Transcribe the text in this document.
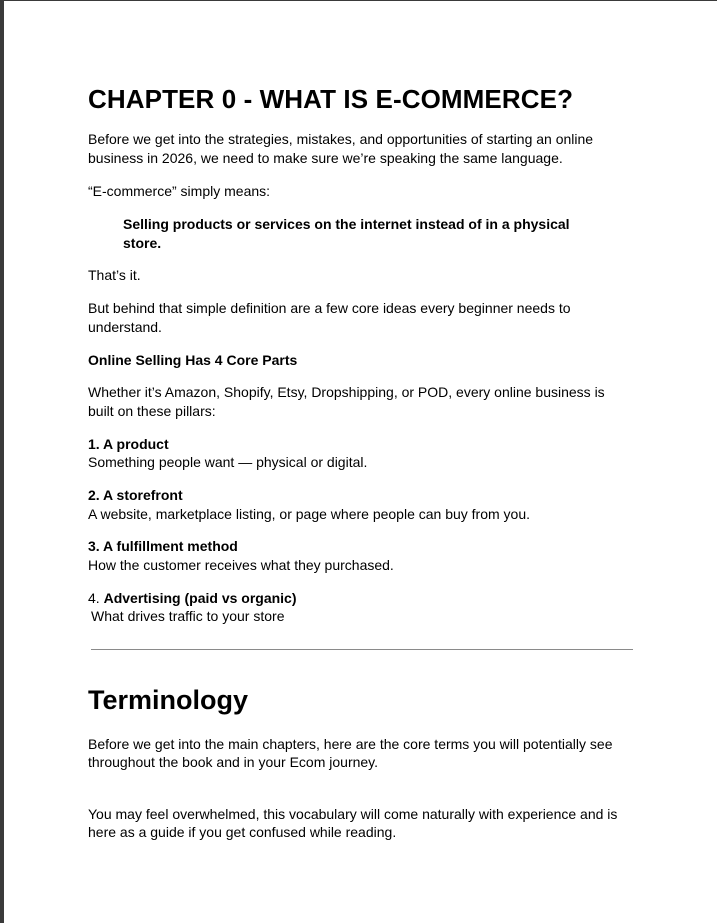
CHAPTER 0 - WHAT IS E-COMMERCE?

Before we get into the strategies, mistakes, and opportunities of starting an online

business in 2026, we need to make sure we’re speaking the same language.

“E-commerce” simply means:

Selling products or services on the internet instead of in a physical

store.

That’s it.

But behind that simple definition are a few core ideas every beginner needs to

understand.

Online Selling Has 4 Core Parts

Whether it’s Amazon, Shopify, Etsy, Dropshipping, or POD, every online business is

built on these pillars:

1. A product

Something people want — physical or digital.

2. A storefront

A website, marketplace listing, or page where people can buy from you.

3. A fulfillment method

How the customer receives what they purchased.

4. Advertising (paid vs organic)

What drives traffic to your store

Terminology

Before we get into the main chapters, here are the core terms you will potentially see

throughout the book and in your Ecom journey.

You may feel overwhelmed, this vocabulary will come naturally with experience and is

here as a guide if you get confused while reading.
